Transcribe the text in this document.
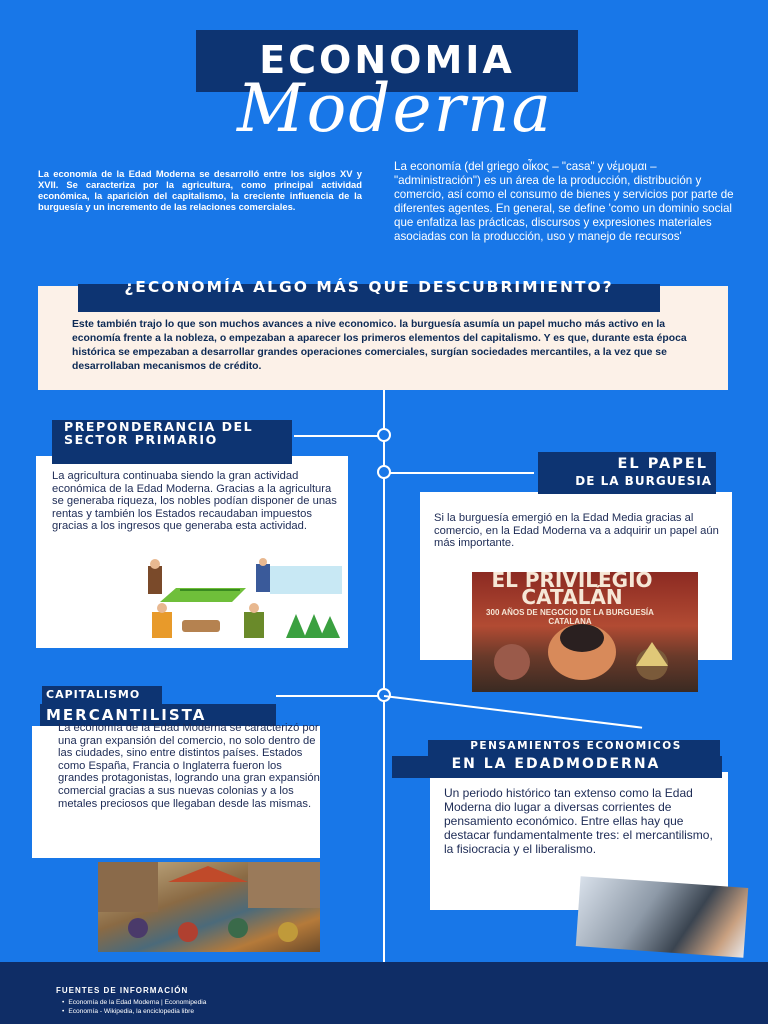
ECONOMIA
Moderna

La economía de la Edad Moderna se desarrolló entre los siglos XV y XVII. Se caracteriza por la agricultura, como principal actividad económica, la aparición del capitalismo, la creciente influencia de la burguesía y un incremento de las relaciones comerciales.

La economía (del griego οἶκος – "casa" y νέμομαι – "administración") es un área de la producción, distribución y comercio, así como el consumo de bienes y servicios por parte de diferentes agentes. En general, se define 'como un dominio social que enfatiza las prácticas, discursos y expresiones materiales asociadas con la producción, uso y manejo de recursos'

¿ECONOMÍA ALGO MÁS QUE DESCUBRIMIENTO?

Este también trajo lo que son muchos avances a nive economico. la burguesía asumía un papel mucho más activo en la economía frente a la nobleza, o empezaban a aparecer los primeros elementos del capitalismo. Y es que, durante esta época histórica se empezaban a desarrollar grandes operaciones comerciales, surgían sociedades mercantiles, a la vez que se desarrollaban mecanismos de crédito.

PREPONDERANCIA DEL SECTOR PRIMARIO

La agricultura continuaba siendo la gran actividad económica de la Edad Moderna. Gracias a la agricultura se generaba riqueza, los nobles podían disponer de unas rentas y también los Estados recaudaban impuestos gracias a los ingresos que generaba esta actividad.

EL PAPEL
DE LA BURGUESIA

Si la burguesía emergió en la Edad Media gracias al comercio, en la Edad Moderna va a adquirir un papel aún más importante.

EL PRIVILEGIO CATALÁN
300 AÑOS DE NEGOCIO DE LA BURGUESÍA CATALANA
CAPITALISMO
MERCANTILISTA

La economía de la Edad Moderna se caracterizó por una gran expansión del comercio, no solo dentro de las ciudades, sino entre distintos países. Estados como España, Francia o Inglaterra fueron los grandes protagonistas, logrando una gran expansión comercial gracias a sus nuevas colonias y a los metales preciosos que llegaban desde las mismas.

PENSAMIENTOS ECONOMICOS
EN LA EDADMODERNA

Un periodo histórico tan extenso como la Edad Moderna dio lugar a diversas corrientes de pensamiento económico. Entre ellas hay que destacar fundamentalmente tres: el mercantilismo, la fisiocracia y el liberalismo.

FUENTES DE INFORMACIÓN
• Economía de la Edad Moderna | Economipedia
• Economía - Wikipedia, la enciclopedia libre
